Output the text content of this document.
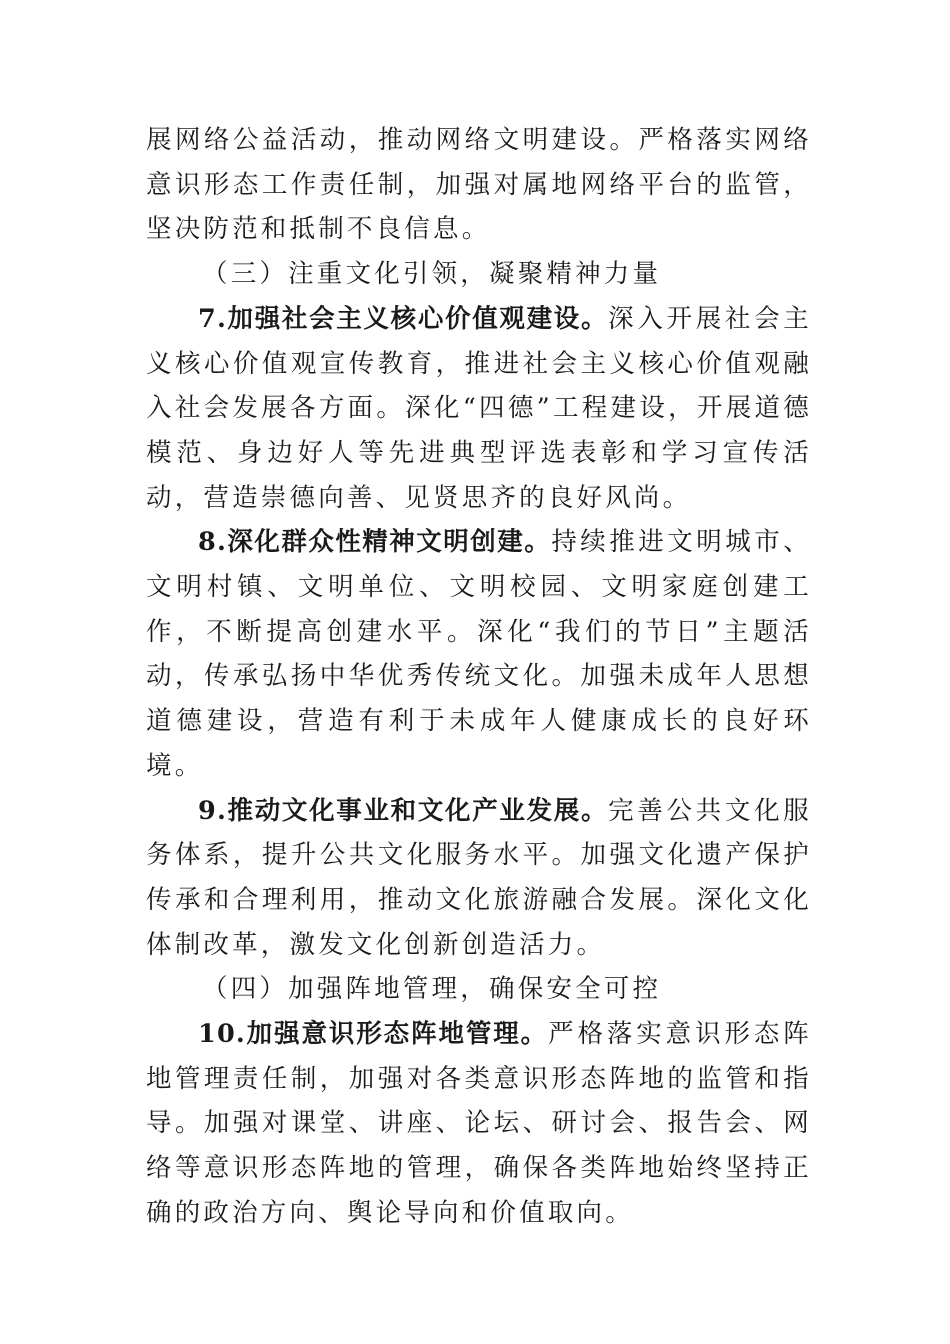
展网络公益活动，推动网络文明建设。严格落实网络意识形态工作责任制，加强对属地网络平台的监管，坚决防范和抵制不良信息。

（三）注重文化引领，凝聚精神力量

7.加强社会主义核心价值观建设。深入开展社会主义核心价值观宣传教育，推进社会主义核心价值观融入社会发展各方面。深化“四德”工程建设，开展道德模范、身边好人等先进典型评选表彰和学习宣传活动，营造崇德向善、见贤思齐的良好风尚。

8.深化群众性精神文明创建。持续推进文明城市、文明村镇、文明单位、文明校园、文明家庭创建工作，不断提高创建水平。深化“我们的节日”主题活动，传承弘扬中华优秀传统文化。加强未成年人思想道德建设，营造有利于未成年人健康成长的良好环境。

9.推动文化事业和文化产业发展。完善公共文化服务体系，提升公共文化服务水平。加强文化遗产保护传承和合理利用，推动文化旅游融合发展。深化文化体制改革，激发文化创新创造活力。

（四）加强阵地管理，确保安全可控

10.加强意识形态阵地管理。严格落实意识形态阵地管理责任制，加强对各类意识形态阵地的监管和指导。加强对课堂、讲座、论坛、研讨会、报告会、网络等意识形态阵地的管理，确保各类阵地始终坚持正确的政治方向、舆论导向和价值取向。
